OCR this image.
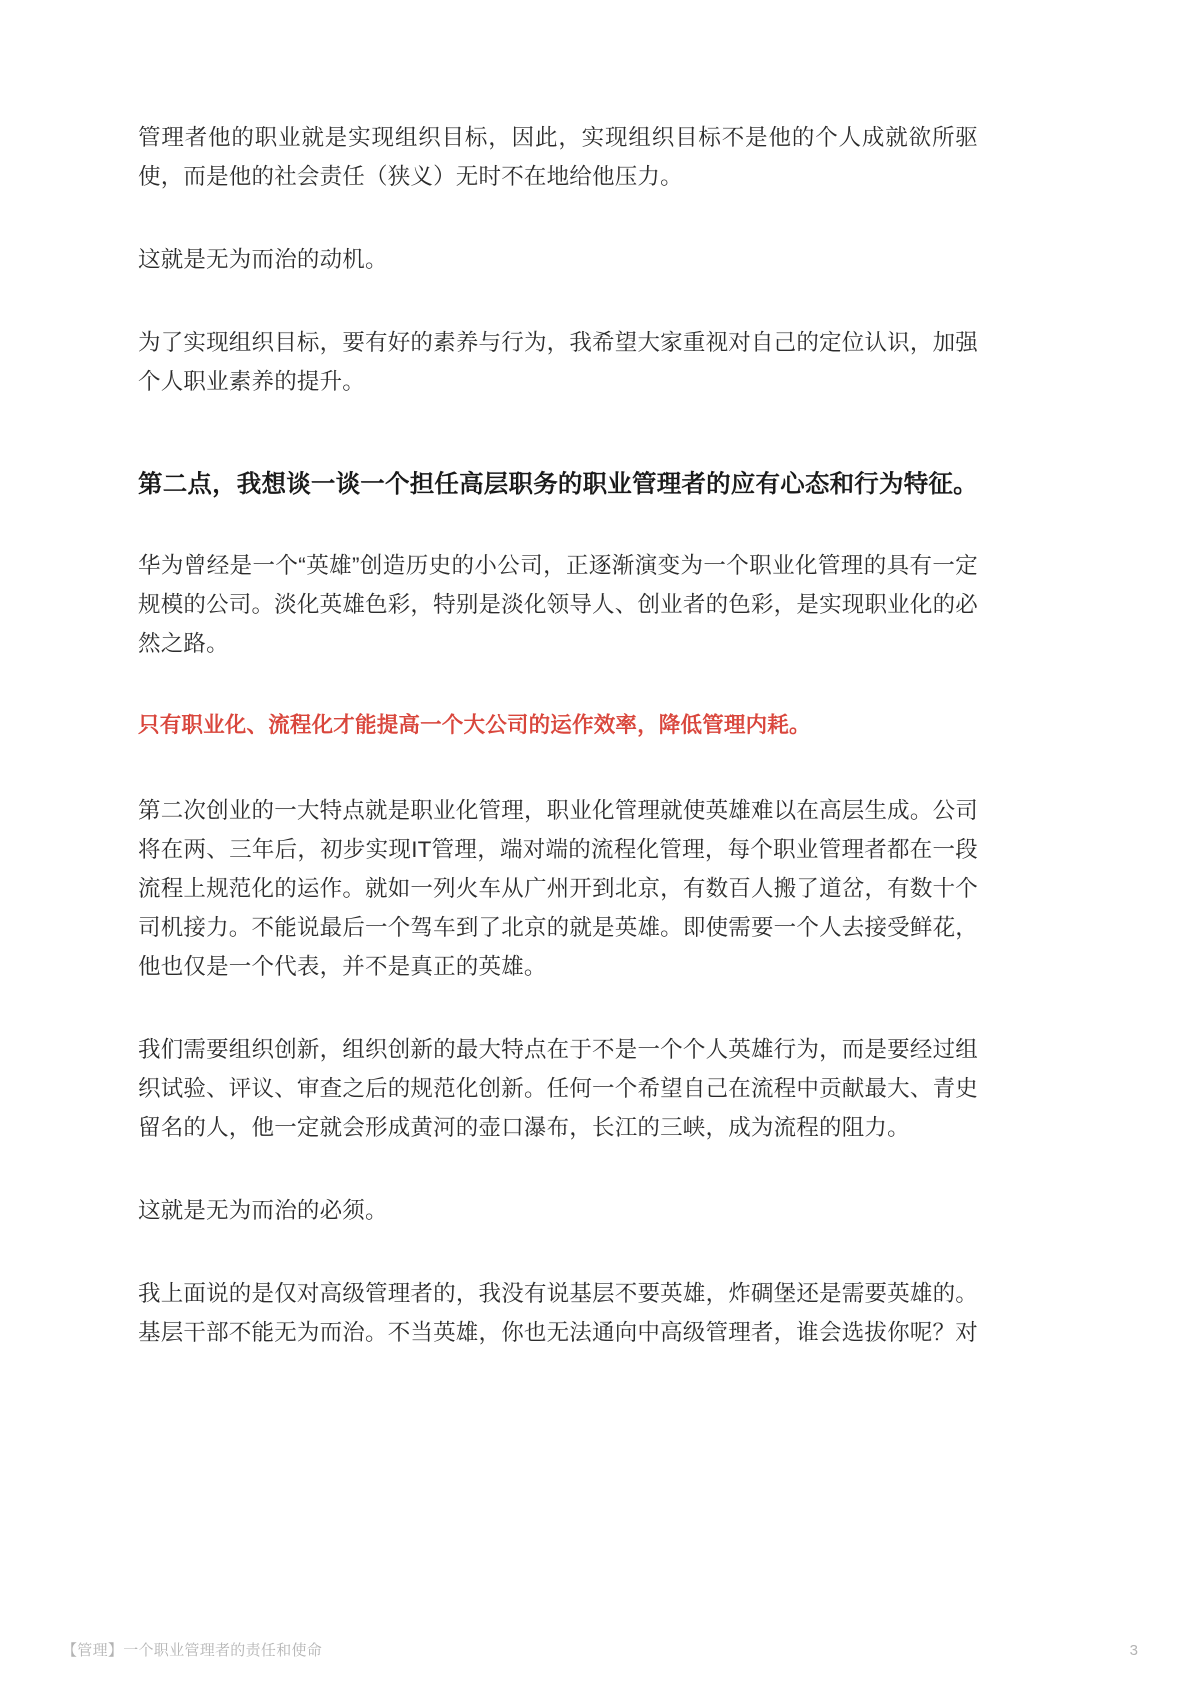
管理者他的职业就是实现组织目标，因此，实现组织目标不是他的个人成就欲所驱使，而是他的社会责任（狭义）无时不在地给他压力。

这就是无为而治的动机。

为了实现组织目标，要有好的素养与行为，我希望大家重视对自己的定位认识，加强个人职业素养的提升。

第二点，我想谈一谈一个担任高层职务的职业管理者的应有心态和行为特征。

华为曾经是一个“英雄”创造历史的小公司，正逐渐演变为一个职业化管理的具有一定规模的公司。淡化英雄色彩，特别是淡化领导人、创业者的色彩，是实现职业化的必然之路。

只有职业化、流程化才能提高一个大公司的运作效率，降低管理内耗。

第二次创业的一大特点就是职业化管理，职业化管理就使英雄难以在高层生成。公司将在两、三年后，初步实现IT管理，端对端的流程化管理，每个职业管理者都在一段流程上规范化的运作。就如一列火车从广州开到北京，有数百人搬了道岔，有数十个司机接力。不能说最后一个驾车到了北京的就是英雄。即使需要一个人去接受鲜花，他也仅是一个代表，并不是真正的英雄。

我们需要组织创新，组织创新的最大特点在于不是一个个人英雄行为，而是要经过组织试验、评议、审查之后的规范化创新。任何一个希望自己在流程中贡献最大、青史留名的人，他一定就会形成黄河的壶口瀑布，长江的三峡，成为流程的阻力。

这就是无为而治的必须。

我上面说的是仅对高级管理者的，我没有说基层不要英雄，炸碉堡还是需要英雄的。基层干部不能无为而治。不当英雄，你也无法通向中高级管理者，谁会选拔你呢？对

【管理】一个职业管理者的责任和使命	3
